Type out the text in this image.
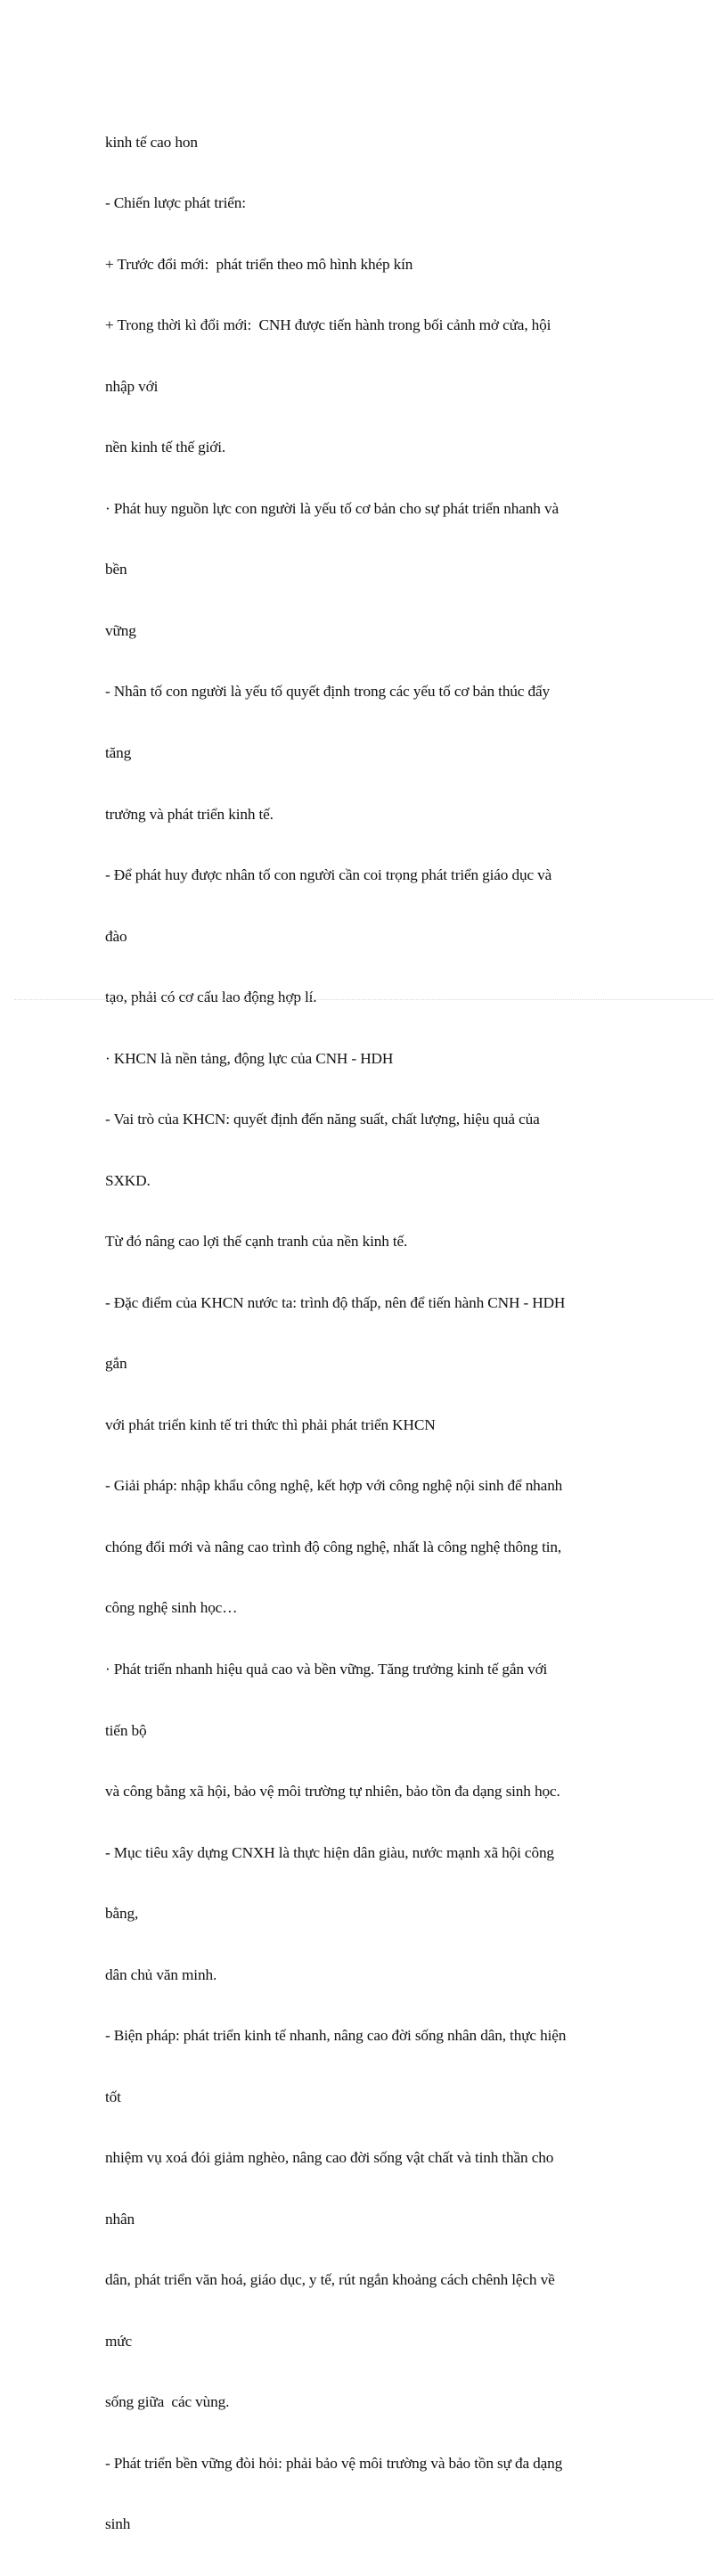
kinh tế cao hon

- Chiến lược phát triển:

+ Trước đổi mới:  phát triển theo mô hình khép kín

+ Trong thời kì đổi mới:  CNH được tiến hành trong bối cảnh mở cửa, hội

nhập với

nền kinh tế thế giới.

· Phát huy nguồn lực con người là yếu tố cơ bản cho sự phát triển nhanh và

bền

vững

- Nhân tố con người là yếu tố quyết định trong các yếu tố cơ bản thúc đẩy

tăng

trưởng và phát triển kinh tế.

- Để phát huy được nhân tố con người cần coi trọng phát triển giáo dục và

đào

tạo, phải có cơ cấu lao động hợp lí.

· KHCN là nền tảng, động lực của CNH - HDH

- Vai trò của KHCN: quyết định đến năng suất, chất lượng, hiệu quả của

SXKD.

Từ đó nâng cao lợi thế cạnh tranh của nền kinh tế.

- Đặc điểm của KHCN nước ta: trình độ thấp, nên để tiến hành CNH - HDH

gắn

với phát triển kinh tế tri thức thì phải phát triển KHCN

- Giải pháp: nhập khẩu công nghệ, kết hợp với công nghệ nội sinh để nhanh

chóng đổi mới và nâng cao trình độ công nghệ, nhất là công nghệ thông tin,

công nghệ sinh học…

· Phát triển nhanh hiệu quả cao và bền vững. Tăng trưởng kinh tế gắn với

tiến bộ

và công bằng xã hội, bảo vệ môi trường tự nhiên, bảo tồn đa dạng sinh học.

- Mục tiêu xây dựng CNXH là thực hiện dân giàu, nước mạnh xã hội công

bằng,

dân chủ văn minh.

- Biện pháp: phát triển kinh tế nhanh, nâng cao đời sống nhân dân, thực hiện

tốt

nhiệm vụ xoá đói giảm nghèo, nâng cao đời sống vật chất và tinh thần cho

nhân

dân, phát triển văn hoá, giáo dục, y tế, rút ngắn khoảng cách chênh lệch về

mức

sống giữa  các vùng.

- Phát triển bền vững đòi hỏi: phải bảo vệ môi trường và bảo tồn sự đa dạng

sinh
